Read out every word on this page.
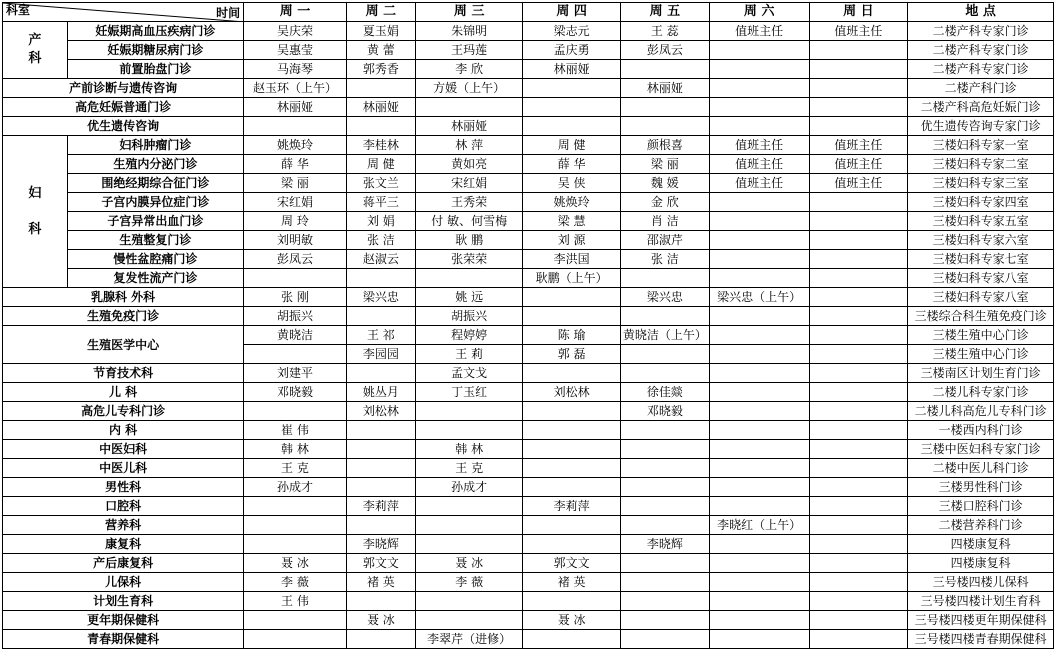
科室 时间		周 一	周 二	周 三	周 四	周 五	周 六	周 日	地 点
产
科	妊娠期高血压疾病门诊	吴庆荣	夏玉娟	朱锦明	梁志元	王 蕊	值班主任	值班主任	二楼产科专家门诊
	妊娠期糖尿病门诊	吴惠莹	黄 蕾	王玛莲	孟庆勇	彭凤云			二楼产科专家门诊
	前置胎盘门诊	马海琴	郭秀香	李 欣	林丽娅				二楼产科专家门诊
产前诊断与遗传咨询		赵玉环（上午）		方媛（上午）		林丽娅			二楼产科门诊
高危妊娠普通门诊		林丽娅	林丽娅						二楼产科高危妊娠门诊
优生遗传咨询				林丽娅					优生遗传咨询专家门诊
妇

科	妇科肿瘤门诊	姚焕玲	李桂林	林 萍	周 健	颜根喜	值班主任	值班主任	三楼妇科专家一室
	生殖内分泌门诊	薛 华	周 健	黄如亮	薛 华	梁 丽	值班主任	值班主任	三楼妇科专家二室
	围绝经期综合征门诊	梁 丽	张文兰	宋红娟	吴 侠	魏 媛	值班主任	值班主任	三楼妇科专家三室
	子宫内膜异位症门诊	宋红娟	蒋平三	王秀荣	姚焕玲	金 欣			三楼妇科专家四室
	子宫异常出血门诊	周 玲	刘 娟	付 敏、何雪梅	梁 慧	肖 洁			三楼妇科专家五室
	生殖整复门诊	刘明敏	张 洁	耿 鹏	刘 源	邵淑芹			三楼妇科专家六室
	慢性盆腔痛门诊	彭凤云	赵淑云	张荣荣	李洪国	张 洁			三楼妇科专家七室
	复发性流产门诊				耿鹏（上午）				三楼妇科专家八室
乳腺科 外科		张 刚	梁兴忠	姚 远		梁兴忠	梁兴忠（上午）		三楼妇科专家八室
生殖免疫门诊		胡振兴		胡振兴					三楼综合科生殖免疫门诊
生殖医学中心		黄晓洁	王 祁	程婷婷	陈 瑜	黄晓洁（上午）			三楼生殖中心门诊
			李园园	王 莉	郭 磊				三楼生殖中心门诊
节育技术科		刘建平		孟文戈					三楼南区计划生育门诊
儿 科		邓晓毅	姚丛月	丁玉红	刘松林	徐佳燚			二楼儿科专家门诊
高危儿专科门诊			刘松林			邓晓毅			二楼儿科高危儿专科门诊
内 科		崔 伟							一楼西内科门诊
中医妇科		韩 林		韩 林					三楼中医妇科专家门诊
中医儿科		王 克		王 克					二楼中医儿科门诊
男性科		孙成才		孙成才					三楼男性科门诊
口腔科			李莉萍		李莉萍				三楼口腔科门诊
营养科							李晓红（上午）		二楼营养科门诊
康复科			李晓辉			李晓辉			四楼康复科
产后康复科		聂 冰	郭文文	聂 冰	郭文文				四楼康复科
儿保科		李 薇	褚 英	李 薇	褚 英				三号楼四楼儿保科
计划生育科		王 伟							三号楼四楼计划生育科
更年期保健科			聂 冰		聂 冰				三号楼四楼更年期保健科
青春期保健科				李翠芹（进修）					三号楼四楼青春期保健科
